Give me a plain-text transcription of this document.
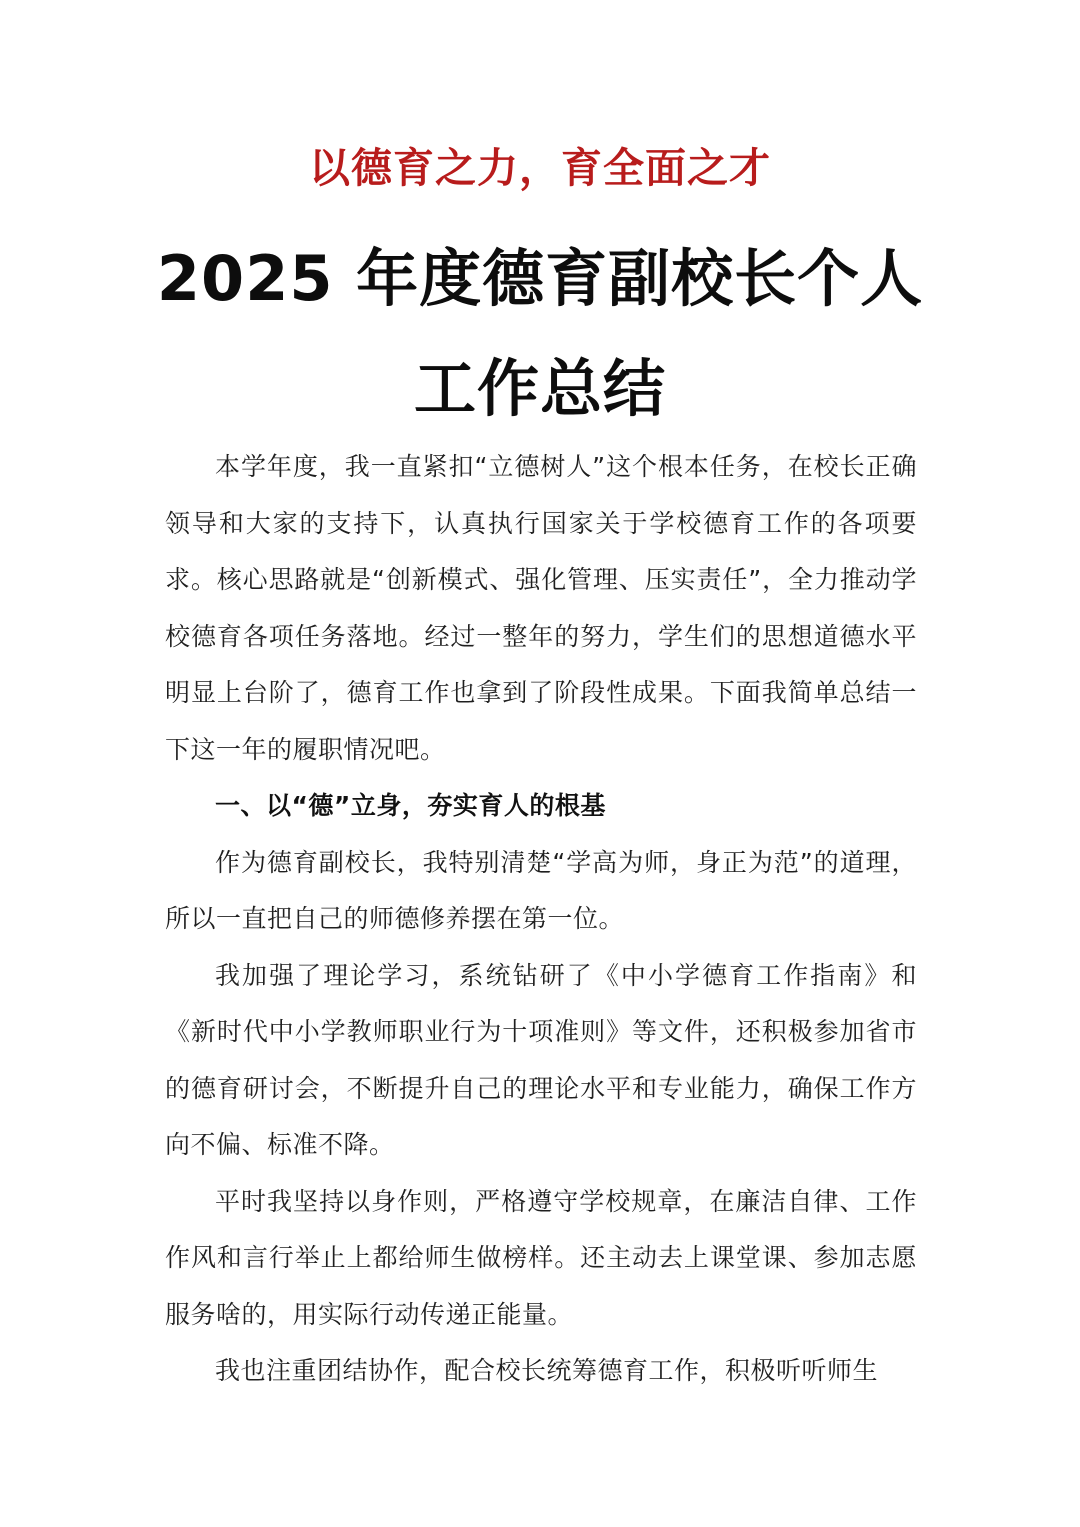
以德育之力，育全面之才
2025 年度德育副校长个人
工作总结

本学年度，我一直紧扣“立德树人”这个根本任务，在校长正确领导和大家的支持下，认真执行国家关于学校德育工作的各项要求。核心思路就是“创新模式、强化管理、压实责任”，全力推动学校德育各项任务落地。经过一整年的努力，学生们的思想道德水平明显上台阶了，德育工作也拿到了阶段性成果。下面我简单总结一下这一年的履职情况吧。

一、以“德”立身，夯实育人的根基

作为德育副校长，我特别清楚“学高为师，身正为范”的道理，所以一直把自己的师德修养摆在第一位。

我加强了理论学习，系统钻研了《中小学德育工作指南》和《新时代中小学教师职业行为十项准则》等文件，还积极参加省市的德育研讨会，不断提升自己的理论水平和专业能力，确保工作方向不偏、标准不降。

平时我坚持以身作则，严格遵守学校规章，在廉洁自律、工作作风和言行举止上都给师生做榜样。还主动去上课堂课、参加志愿服务啥的，用实际行动传递正能量。

我也注重团结协作，配合校长统筹德育工作，积极听听师生
